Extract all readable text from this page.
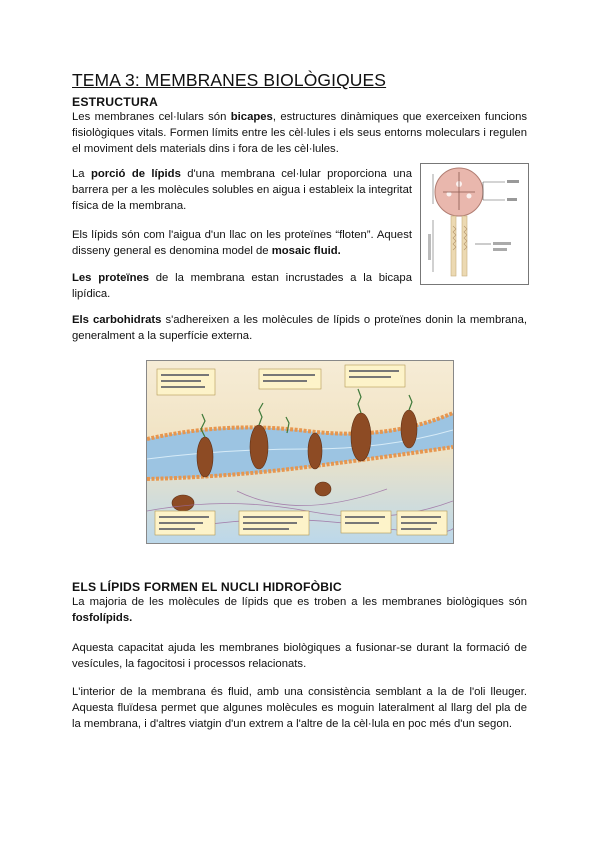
TEMA 3: MEMBRANES BIOLÒGIQUES
ESTRUCTURA
Les membranes cel·lulars són bicapes, estructures dinàmiques que exerceixen funcions fisiològiques vitals. Formen límits entre les cèl·lules i els seus entorns moleculars i regulen el moviment dels materials dins i fora de les cèl·lules.
La porció de lípids d'una membrana cel·lular proporciona una barrera per a les molècules solubles en aigua i estableix la integritat física de la membrana.
Els lípids són com l'aigua d'un llac on les proteïnes “floten”. Aquest disseny general es denomina model de mosaic fluid.
Les proteïnes de la membrana estan incrustades a la bicapa lipídica.
Els carbohidrats s'adhereixen a les molècules de lípids o proteïnes donin la membrana, generalment a la superfície externa.
ELS LÍPIDS FORMEN EL NUCLI HIDROFÒBIC
La majoria de les molècules de lípids que es troben a les membranes biològiques són fosfolípids.
Aquesta capacitat ajuda les membranes biològiques a fusionar-se durant la formació de vesícules, la fagocitosi i processos relacionats.
L'interior de la membrana és fluid, amb una consistència semblant a la de l'oli lleuger. Aquesta fluïdesa permet que algunes molècules es moguin lateralment al llarg del pla de la membrana, i d'altres viatgin d'un extrem a l'altre de la cèl·lula en poc més d'un segon.
